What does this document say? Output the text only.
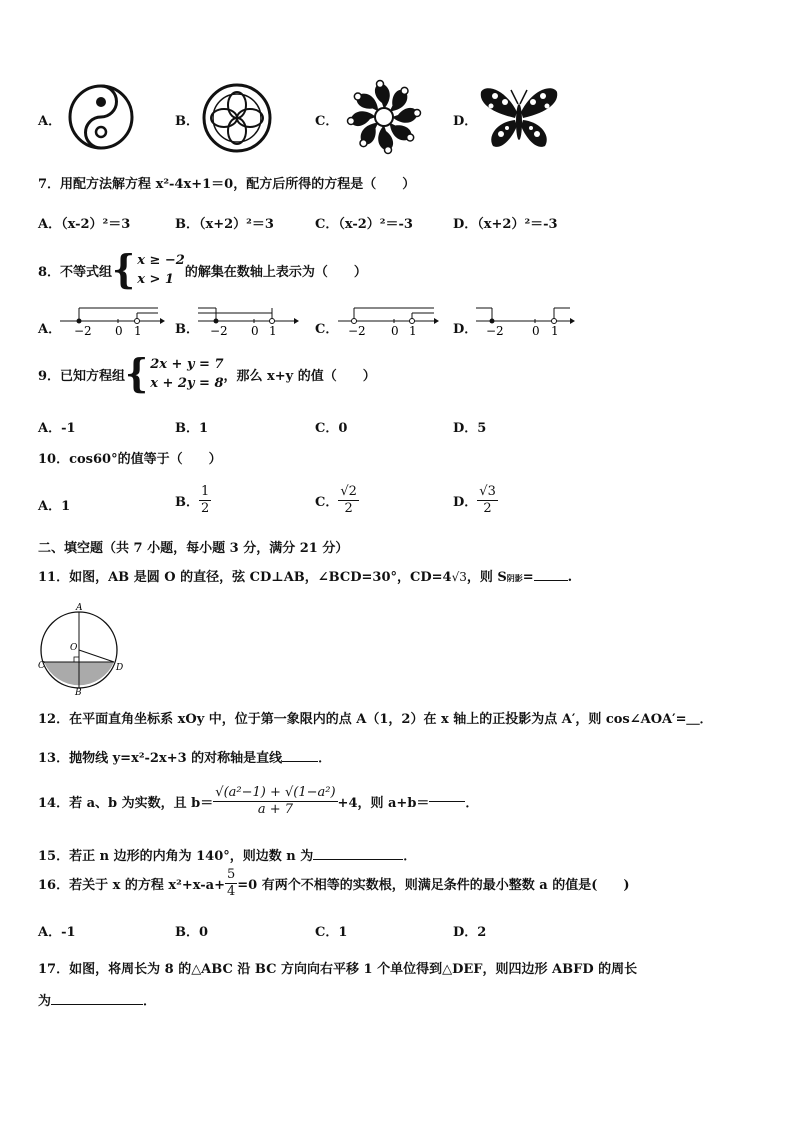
A．	B．	C．	D．
7．用配方法解方程 x²-4x+1＝0，配方后所得的方程是（　　）
A．（x-2）²＝3	B．（x+2）²＝3	C．（x-2）²＝-3	D．（x+2）²＝-3
8．不等式组 { x ≥ −2
x > 1 的解集在数轴上表示为（　　）
A． −2 0 1	B． −2 0 1	C． −2 0 1	D． −2 0 1
9．已知方程组 { 2x + y = 7
x + 2y = 8 ，那么 x+y 的值（　　）
A．-1	B．1	C．0	D．5
10．cos60°的值等于（　　）
A．1	B． $\frac{1}{2}$	C． $\frac{√2}{2}$	D． $\frac{√3}{2}$
二、填空题（共 7 小题，每小题 3 分，满分 21 分）
11．如图，AB 是圆 O 的直径，弦 CD⊥AB，∠BCD=30°，CD=4 √3 ，则 S 阴影 =	.
A
O
C	D
B
12．在平面直角坐标系 xOy 中，位于第一象限内的点 A（1，2）在 x 轴上的正投影为点 A′，则 cos∠AOA′=＿．
13．抛物线 y=x²-2x+3 的对称轴是直线	．
14．若 a、b 为实数，且 $b= \frac{\text{√(a²−1) + √(1−a²)}}{a + 7} +4$，则 a+b＝	．
15．若正 n 边形的内角为 140°，则边数 n 为	．
16．若关于 x 的方程 $x^2+x-a+ \frac{5}{4} =0$ 有两个不相等的实数根，则满足条件的最小整数 a 的值是(　　)
A．-1	B．0	C．1	D．2
17．如图，将周长为 8 的△ABC 沿 BC 方向向右平移 1 个单位得到△DEF，则四边形 ABFD 的周长
为	．
